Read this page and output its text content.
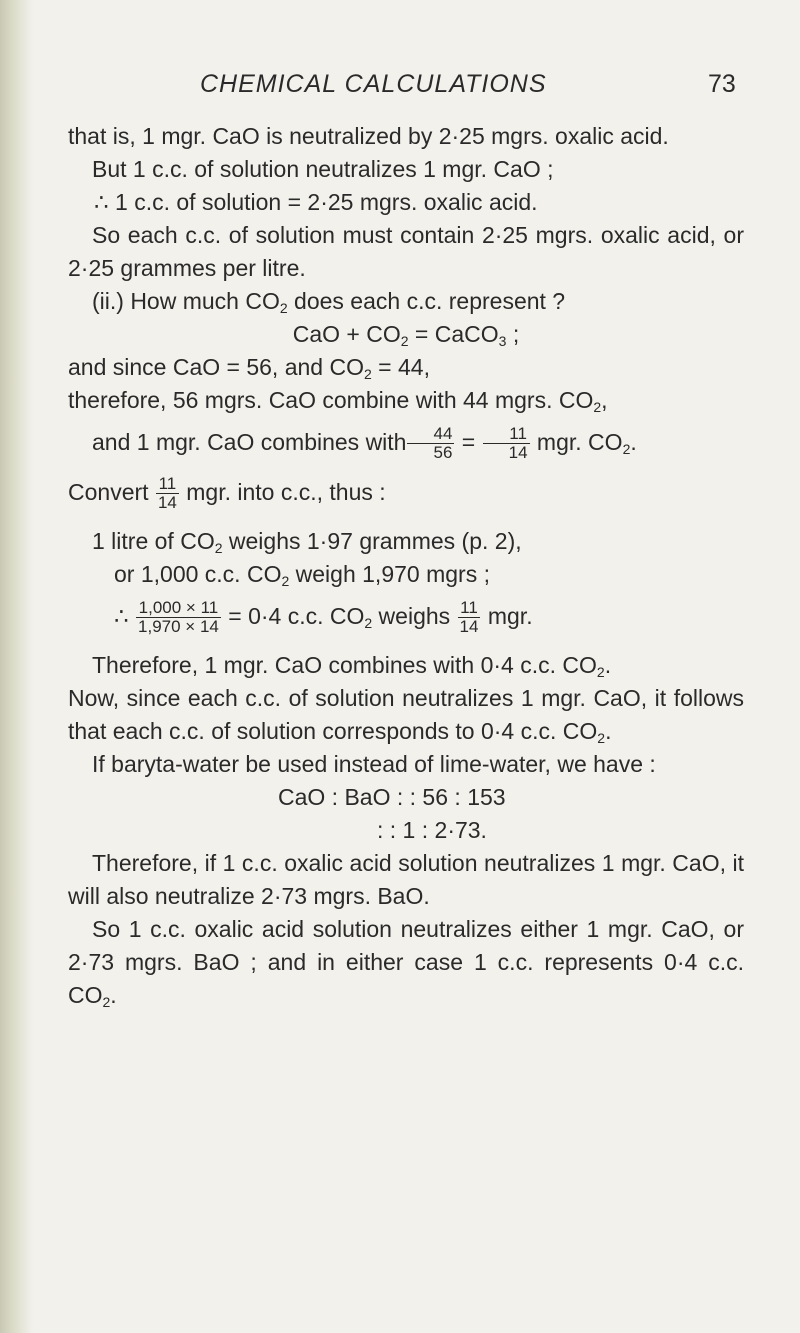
CHEMICAL CALCULATIONS	73

that is, 1 mgr. CaO is neutralized by 2·25 mgrs. oxalic acid.

But 1 c.c. of solution neutralizes 1 mgr. CaO ;

∴ 1 c.c. of solution = 2·25 mgrs. oxalic acid.

So each c.c. of solution must contain 2·25 mgrs. oxalic acid, or 2·25 grammes per litre.

(ii.) How much $CO_2$ does each c.c. represent ?

CaO + $CO_2$ = CaCO$_3$ ;

and since CaO = 56, and $CO_2 = 44$,

therefore, 56 mgrs. CaO combine with 44 mgrs. $CO_2$,

and 1 mgr. CaO combines with $\frac{44}{56} = \frac{11}{14}$ mgr. $CO_2$.

Convert $\frac{11}{14}$ mgr. into c.c., thus :

1 litre of $CO_2$ weighs 1·97 grammes (p. 2),

or 1,000 c.c. $CO_2$ weigh 1,970 mgrs ;

∴ $\frac{1,000 \times 11}{1,970 \times 14} = 0\cdot 4$ c.c. $CO_2$ weighs $\frac{11}{14}$ mgr.

Therefore, 1 mgr. CaO combines with 0·4 c.c. $CO_2$.

Now, since each c.c. of solution neutralizes 1 mgr. CaO, it follows that each c.c. of solution corresponds to 0·4 c.c. $CO_2$.

If baryta-water be used instead of lime-water, we have :

CaO : BaO : : 56 : 153

: : 1 : 2·73.

Therefore, if 1 c.c. oxalic acid solution neutralizes 1 mgr. CaO, it will also neutralize 2·73 mgrs. BaO.

So 1 c.c. oxalic acid solution neutralizes either 1 mgr. CaO, or 2·73 mgrs. BaO ; and in either case 1 c.c. represents 0·4 c.c. $CO_2$.
